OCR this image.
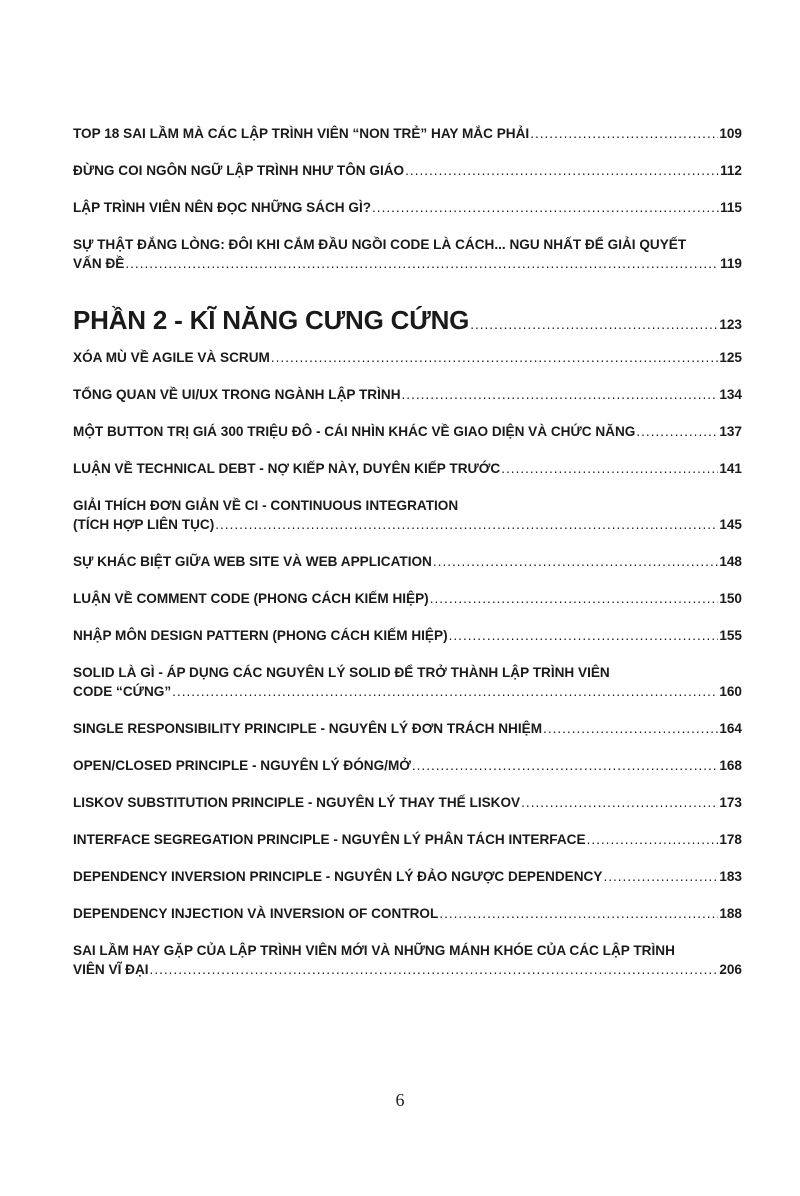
TOP 18 SAI LẦM MÀ CÁC LẬP TRÌNH VIÊN “NON TRẺ” HAY MẮC PHẢI .....	109
ĐỪNG COI NGÔN NGỮ LẬP TRÌNH NHƯ TÔN GIÁO .....	112
LẬP TRÌNH VIÊN NÊN ĐỌC NHỮNG SÁCH GÌ? .....	115
SỰ THẬT ĐẮNG LÒNG: ĐÔI KHI CẮM ĐẦU NGỒI CODE LÀ CÁCH... NGU NHẤT ĐỂ GIẢI QUYẾT
VẤN ĐỀ .....	119
PHẦN 2 - KĨ NĂNG CƯNG CỨNG .....	123
XÓA MÙ VỀ AGILE VÀ SCRUM .....	125
TỔNG QUAN VỀ UI/UX TRONG NGÀNH LẬP TRÌNH .....	134
MỘT BUTTON TRỊ GIÁ 300 TRIỆU ĐÔ - CÁI NHÌN KHÁC VỀ GIAO DIỆN VÀ CHỨC NĂNG .....	137
LUẬN VỀ TECHNICAL DEBT - NỢ KIẾP NÀY, DUYÊN KIẾP TRƯỚC .....	141
GIẢI THÍCH ĐƠN GIẢN VỀ CI - CONTINUOUS INTEGRATION
(TÍCH HỢP LIÊN TỤC) .....	145
SỰ KHÁC BIỆT GIỮA WEB SITE VÀ WEB APPLICATION .....	148
LUẬN VỀ COMMENT CODE (PHONG CÁCH KIẾM HIỆP) .....	150
NHẬP MÔN DESIGN PATTERN (PHONG CÁCH KIẾM HIỆP) .....	155
SOLID LÀ GÌ - ÁP DỤNG CÁC NGUYÊN LÝ SOLID ĐỂ TRỞ THÀNH LẬP TRÌNH VIÊN
CODE “CỨNG” .....	160
SINGLE RESPONSIBILITY PRINCIPLE - NGUYÊN LÝ ĐƠN TRÁCH NHIỆM .....	164
OPEN/CLOSED PRINCIPLE - NGUYÊN LÝ ĐÓNG/MỞ .....	168
LISKOV SUBSTITUTION PRINCIPLE - NGUYÊN LÝ THAY THẾ LISKOV .....	173
INTERFACE SEGREGATION PRINCIPLE - NGUYÊN LÝ PHÂN TÁCH INTERFACE .....	178
DEPENDENCY INVERSION PRINCIPLE - NGUYÊN LÝ ĐẢO NGƯỢC DEPENDENCY .....	183
DEPENDENCY INJECTION VÀ INVERSION OF CONTROL .....	188
SAI LẦM HAY GẶP CỦA LẬP TRÌNH VIÊN MỚI VÀ NHỮNG MÁNH KHÓE CỦA CÁC LẬP TRÌNH
VIÊN VĨ ĐẠI .....	206
6
